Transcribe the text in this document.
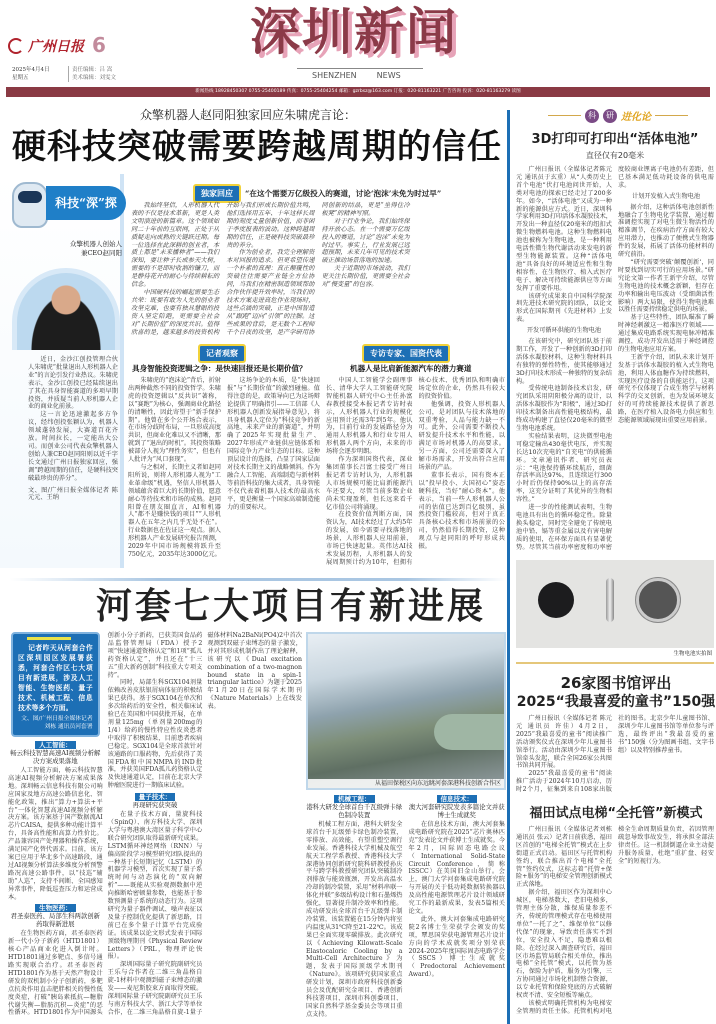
广州日报 6
2025年4月4日
星期五
责任编辑：吕 嵩
美术编辑：刘雯文
深圳新闻
SHENZHEN	NEWS
新闻热线 18928450307 0755-25400189 传真：0755-25404254 邮箱：gzrbsz@163.com 订报：020-81163221 广告咨询 投诉：020-81163279 读图
众擎机器人赵同阳独家回应朱啸虎言论：
硬科技突破需要跨越周期的信任
科技“深”探
众擎机器人创始人兼CEO赵同阳

近日，金沙江创投管理合伙人朱啸虎“批量退出人形机器人企业”的言论引发行业热议。朱啸虎表示，金沙江创投已经陆续退出了其在具身智能赛道的多项早期投资，并质疑当前人形机器人企业的商业化前景。

这一言论迅速激起多方争议，经纬创投张颖认为，机器人领域蓬勃发展，大赛道百花齐放。时间拉长，一定能出大公司。而创业公司代表众擎机器人创始人兼CEO赵同阳则以近千字长文通过广州日报独家回应，强调“跨越周期的信任，是硬科技突破最珍贵的养分”。

文、图/广州日报全媒体记者 陈元元、王纳
独家回应	“在这个需要万亿级投入的赛道，讨论‘泡沫’未免为时过早”

我始终坚信，人形机器人代表的不仅是技术革新，更是人类文明演进的新篇章。这个领域如同二十年前的互联网，正处于从质疑走向成熟的关键跃迁期。每一位选择在此深耕的创业者，本质上都是“未来播种者”——我们深知，要让种子长成参天大树，需要的不是即时收割的镰刀，而是静待花开的耐心与持续耕耘的信念。

中国硬科技的崛起需要生态共荣：既要有敢为人先的创业者攻坚克难，也要有独具慧眼的投资人坚定陪跑，更需要全社会对“长期价值”的深度共识。值得欣喜的是，越来越多的投资机构开始与我们形成长期价值共鸣，他们选择用五年、十年这样长周期的刻度丈量创新价值，而非困于季度报表的波动。这种跨越周期的信任，正是硬科技突破最珍贵的养分。

作为创业者，我完全理解资本对回报的追求。但更希望传递一个朴素的真理：真正颠覆性的突破往往需要产业链全方位协同，当我们在精密制造领域帮助合作伙伴提升效率时，当我们的技术方案走进高危作业现场时，这些点滴的突破，正是中国智造从“跟跑”迈向“引领”的注脚。这些成果的背后，是无数个工程师千个日夜的攻坚，是产学研用协同创新的结晶，更是“坐得住冷板凳”的精神写照。

对于行业争论，我们始终保持开放心态。在一个需要万亿级投入的赛道，讨论“泡沫”未免为时过早。事实上，行业发展已远超预期，未来几年可见的技术突破正推动场景落地的加速。

关于近期的市场波动，我们更关注长期价值，更需要全社会对“慢变量”的包容。

记者观察
具身智能投资逻辑之争：是快速回报还是长期价值？

朱啸虎的“泡沫论”背后，折射出两种截然不同的投资哲学。朱啸虎的投资逻辑以“反共识”著称，以“赛跑”为核心，强调商业化路径的清晰性，因此寄望于“新手保护期”。他曾在多个公开场合表示，在市场分歧时布局，一旦形成高度共识，但商业化难以又不清晰，那就到了“退出的时机”。其投资策略被部分人视为“理性务实”，但也有人批评为“风口套现”。

与之相对，长期主义者如赵同阳所说，则将人形机器人视为“工业革命级”机遇，坚信人形机器人领域蕴含着巨大的长期价值，愿意耐心等待技术和市场的成熟。赵同阳曾在朋友圈直言，AI和机器人“都不是赚快钱的项目”“人形机器人在五年之内几乎无处不在”。行业数据也在佐证这一观点。据人形机器人产业发展研究报告预测，2029年中国市场规模将跃升至750亿元，2035年达3000亿元。

这场争论的本质，是“快速回报”与“长期价值”的激烈碰撞。值得注意的是，政策导向已为这场辩论提供了明确指引——工信部《人形机器人创新发展指导意见》，将具身机器人定位为“科技竞争的新高地、未来产业的新赛道”，并明确了2025年实现批量生产、2027年形成产业链供应链体系和国际竞争力产业生态的目标。这种顶层设计的选择，凸显了国家层面对技术长期主义的战略倾斜。作为融合人工智能、高端制造与新材料等前沿科技的集大成者，具身智能不仅代表着机器人技术的最高水平，更是衡量一个国家高端制造能力的重要标尺。

专访专家、国资代表
机器人是比肩新能源汽车的潜力赛道

中国人工智能学会副理事长、清华大学人工智能研究院智能机器人研究中心主任孙富春教授接受本报记者专访时表示，人形机器人行业的规模化应用预计还需3年到5年。他认为，目前行业的发展路径分为通用人形机器人和行业专用人形机器人两个方向，未来的市场将会逐步明朗。

作为深圳国资代表，深业集团董事长吕富士接受广州日报记者专访时认为，人形机器人市场规模可能比肩新能源汽车还要大，尽管当前多数企业尚未实现盈利，但长远来看千亿市值公司将涌现。

在投资价值判断方面，国资认为，AI技术经过了大约5年的发展，如今需要寻找落地的场景，人形机器人应用前景，市场已快速起量。英伟达AI技术发展历程，人形机器人的发展周期预计约为10年，但拥有核心技术、优秀团队和明确市场定位的企业，仍然具有较大的投资价值。

他强调，投资人形机器人公司，是对团队与技术落地的双重考验，人品与能力缺一不可。此外，公司需要不断投入研发提升技术水平和性能，以满足市场对机器人的高要求。另一方面，公司还需要深入了解市场需求，开发出符合应用场景的产品。

董事长表示，国有资本正以“投早投小、大国初心”姿态硬科技，当好“耐心资本”。他表示，当前一些人形机器人公司的估值已达到百亿级别，虽然投资门槛较高，但对于真正具备核心技术和市场前景的公司，仍然值得长期投资，这种观点与赵同阳的呼吁形成共振。

科	研 进化论
3D打印可打印出“活体电池”
直径仅有20毫米

广州日报讯（全媒体记者陈元元 通讯员于玄重）从“人类历史上首个电池”伏打电池问世开始，人类对电池的探索已经走过了200多年。如今，“活体电池”又成为一种新的能源供应方式。近日，深圳科学家利用3D打印活体水凝胶技术，开发出一种直径仅20毫米的纽扣式微生物燃料电池。这种生物燃料电池也被称为生物电池，是一种利用电活性微生物代谢活动来发电的新型生物能源装置。这种“活体电池”具备良好的环境适应性和生物相容性，在生物医疗、植入式医疗电子、解决可持续能源供应等方面发挥了重要作用。

该研究成果来自中国科学院深圳先进技术研究院的团队，以论文形式在国际期刊《先进材料》上发表。

开发可循环供能的生物电池

在该研究中，研究团队基于前期工作，开发了一种创新的3D打印活体水凝胶材料，这种生物材料具有独特的弹性特性，使其能够通过3D打印技术形成一种独特的复杂结构。

受传统电池制备技术启发，研究团队采用阴阳极分离的设计，以活体水凝胶作为“阳极”，通过3D打印技术制备出高性能电极结构，最终成功构建了直径仅20毫米的微型生物电池系统。

实验结果表明，这块微型电池可稳定输出430毫伏电压，并实现长达10次充电的“自充电”的供能循环。文章通讯作者、研究员表示：“电池保持循环续航后，细菌存活率高达97%，且连续运行300小时后仍保持90%以上的高存活率，这充分证明了其优异的生物相容性。”

进一步的性能测试表明，生物电池具有出色的循环稳定性。除量换头稳定，同时完全避免了传统电池中铅、镉等重金属以及有害电解质的使用，在环保方面具有显著优势。尽管其当前功率密度和功率密度较商业锂离子电池仍有差距，但已基本满足低功耗设备的供电需求。

计划开发植入式生物电池

据介绍，这种活体电池创新性地融合了生物电化学装置，通过精准调控实现了对电生微生物活性的精准调节，在疾病治疗方面有较大应用潜力，也推动了便携式生物器件的发展，拓展了活体功能材料的研究前沿。

“研究需要突破‘颠覆创新’，同时要找到切实可行的应用场景。”研究论文第一作者王新宇介绍，尽管生物电池的技术概念新颖，但存在功率和输出电压波动（受细菌活性影响）两大局限，使得生物电池难以胜任需要持续稳定供电的场景。

基于这些特性，团队瞄准了瞬时神经刺激这一精准医疗领域——通过集成电路系统实现电脉冲精准调控，成功开发出适用于神经调控的生物电池应用方案。

王新宇介绍，团队未来计划开发基于活体水凝胶的植入式生物电池，利用人体血糖作为持续燃料，实现医疗设备的自供能运行。这项研究不仅体现了合成生物学与材料科学的交叉创新，也为发展环境友好的可持续能源技术提供了新思路，在医疗植入设备电力供应和生态能源领域展现出重要应用前景。

生物电池实拍图
26家图书馆评出
2025“我最喜爱的童书”150强

广州日报讯（全媒体记者 陈元元 通讯员 许佳）4月2日，2025“我最喜爱的童书”阅读推广活动颁奖仪式在深圳少年儿童图书馆举行。活动由深圳少年儿童图书馆牵头发起，联合全国26家公共图书馆共同开展。

2025“我最喜爱的童书”阅读推广活动于2024年10月启动，历时2个月，征集到来自108家出版社的图书。北京少年儿童图书馆、深圳少年儿童图书馆等单位参与评选，最终评出“我最喜爱的童书”150强（分为图画书组、文字书组）以及特别推荐童书。

福田试点电梯“全托管”新模式

广州日报讯（全媒体记者刘栋 通讯员 张云）记者日前获悉，福田区首创的“电梯全托管”模式在上步街道正式启动。福田区与托管机构签约，联合推出首个电梯“全托管”签约仪式，这标志着“托管+保险+服务”的电梯安全管理创新模式正式落地。

据介绍，福田区作为深圳中心城区，电梯基数大，老旧电梯多，管理主体分散，维保质量参差不齐，传统的管理模式存在电梯使用单位“一托了之”、维保单位“以修代保”的现象，导致责任落实不到位，安全投入不足，隐患难以根除。在经过深入调查研究后，福田区市场监管局联合相关单位，推出电梯“全托管”模式，以托管为基石，保险为护盾，服务为引擎，三方协同通过市场化机制整合资源，以专业托管和保险兜底的方式破解权责不清、安全短板等痛点。

该模式明确托管机构为电梯安全管理的责任主体。托管机构对电梯全生命周期质量负责，若因管理疏忽导致事故发生，将承担全部法律责任。这一机制倒逼企业主动提升服务质量，杜绝“重扩盘、轻安全”的短视行为。

河套七大项目有新进展
记者昨天从河套合作区深圳园区发展署获悉，河套合作区七大项目有新进展，涉及人工智能、生物医药、量子技术、机械工程、信息技术等多个方面。
文、图/广州日报全媒体记者刘栋 通讯员河套署
人工智能：
畅云科技智慧高速AI视频分析解决方案成果落地

人工智能方面，畅云科技智慧高速AI视频分析解决方案成果落地。深圳畅云信息科技有限公司响应国家及地方高速公路信息化、智能化政策，推出“算力+算法+平台”一体化智慧高速AI视频分析解决方案。该方案基于国产数据流AI芯片CAISA，提供多种功能计算平台，具备高性能和高算力性价比。产品兼容国产处理器和操作系统，满足国产化替代需求。目前，该方案已应用于华北多个高速路段，通过AI视频分析算法多维度分析预警路况高速公路事件，以“技巡”辅助“人巡”，支持不间断、全国感知异常事件，降低巡查压力和运营成本。

生物医药：
君圣泰医药、局部生科两款创新药取得新进展

在生物医药方面，君圣泰医药新一代小分子新药（HTD1801）核心产品商业化进入倒计时。HTD1801通过多靶点、多信号通路实现联合治疗。君圣泰医药HTD1801作为基于天然产物设计研发的双机制小分子创新药，多靶点抗炎作用直击肥胖相关的慢性低度炎症，打破“胰岛素抵抗—糖脂代谢失衡—脂肪沉积—炎症”的恶性循环。HTD1801作为中国源头创新小分子新药，已获美国食品药品监督管理局（FDA）授予2项“快速通道资格认定”和1项“孤儿药资格认定”，并且还在“十三五”重大新药创制“科技重大专项支持”。

同时，局部生科SGX104剂量依赖改善皮肤银屑病体征的积极结果已获得。基于SGX104在单次和多次给药后的安全性，相关临床试验已在美国和中国获批开展，在单剂量125mg（单剂量200mg的1/4）给药的慢性特应性皮炎患者中取得了积极结果，目前患者疾病已稳定。SGX104是全球首款针对该通路的口服药物，先后获得了美国FDA和中国NMPA的IND批准，并获美国FDA孤儿药资格认定及快速通道认定，目前在北京大学肿瘤医院进行一期临床试验。

量子技术：
再现研究获突破

在量子技术方面，量旋科技（SpinQ）、南方科技大学、深圳大学与粤港澳大湾区量子科学中心联合研究团队取得最新研究成果。LSTM循环神经网络（RNN）与偏高阶段学习模型研究团队提出的一种基于长短期记忆（LSTM）的机器学习模型，首次实现了量子系统时间与动态演化的“双向解析”——既能从实验观测数据中逆向推断哈密顿量参数，也能基于参数预测量子系统的动态行为。这项研究为量子器件调试、噪声表征以及量子控制优化提供了新思路，目前已在多个量子计算平台完成验证。该成果以论文形式发表于国际顶级物理期刊《Physical Review Letters》（PRL，物理评论快报）。

深圳国际量子研究院副研究员王乐与合作者在二维三角晶格自旋-1材料中观测到磁子束缚态的激发——麦尼斯胶束方面取得突破。深圳国际量子研究院副研究员王乐与南方科技大学、浙江大学等单位合作，在二维三角晶格自旋-1量子磁体材料Na2BaNi(PO4)2中首次观测到双磁子束缚态的量子激发，并对其形成机制作出了理论解释，该研究以《Dual excitation combination of a two-magnon bound state in a spin-1 triangular lattice》为题于2025年1月20日在国际学术期刊《Nature Materials》上在线发表。

从福田保税区向东远眺河套深港科技创新合作区
机械工程：
港科大研发全球首台千瓦级弹卡绿色制冷装置

机械工程方面，港科大研发全球首台千瓦级弹卡绿色制冷装置，零排放、高效能，有望重塑空调行业发展。香港科技大学机械及航空航天工程学系教授、香港科技大学深港协同创新研究院科研教授孙庆平与跨学科教授研究团队突破制冷剂排放与能效瓶颈，开发出高温水冷却的制冷装置，采用“材料串联一体化并联”多级结构设计和石墨烯热强化，显著提升制冷效率和性能。成功研发出全球首台千瓦级弹卡制冷装置，该装置能在15分钟内将室内温度从31℃降至21-22℃。该成果已全面实现零碳排放。此次研究以《Achieving Kilowatt-Scale Elastocaloric Cooling by a Multi-Cell Architecture》为题，发表于国际顶级学术期刊《Nature》。该项研究获国家重点研发计划，深圳市政府科技创新委员会及优配研究金项目、香港创新科技署项目、深圳市科创委项目、国家自然科学基金委员会等项目重点支持。

信息技术：
澳大河套研究院发表多篇论文并获博士生成就奖

在信息技术方面，澳大河套集成电路研究院在2025“芯片奥林匹克”发表论文并获博士生成就奖。今年2月，国际固态电路会议（International Solid-State Circuit Conference，简称ISSCC）在美国旧金山举行。会上，澳门大学河套集成电路研究院与开展的关于低功耗数据转换器以及高性能电源管理芯片设计领域研究工作的最新成果，发表5篇相关论文。

此外，澳大河套集成电路研究院2名博士生荣获学会颁发的奖项，覃思国荣获电源管理芯片设计方向的学术成就奖项分别荣获2024-2025年度国际固态电路学会（SSCS）博士生成就奖（Predoctoral Achievement Award）。
